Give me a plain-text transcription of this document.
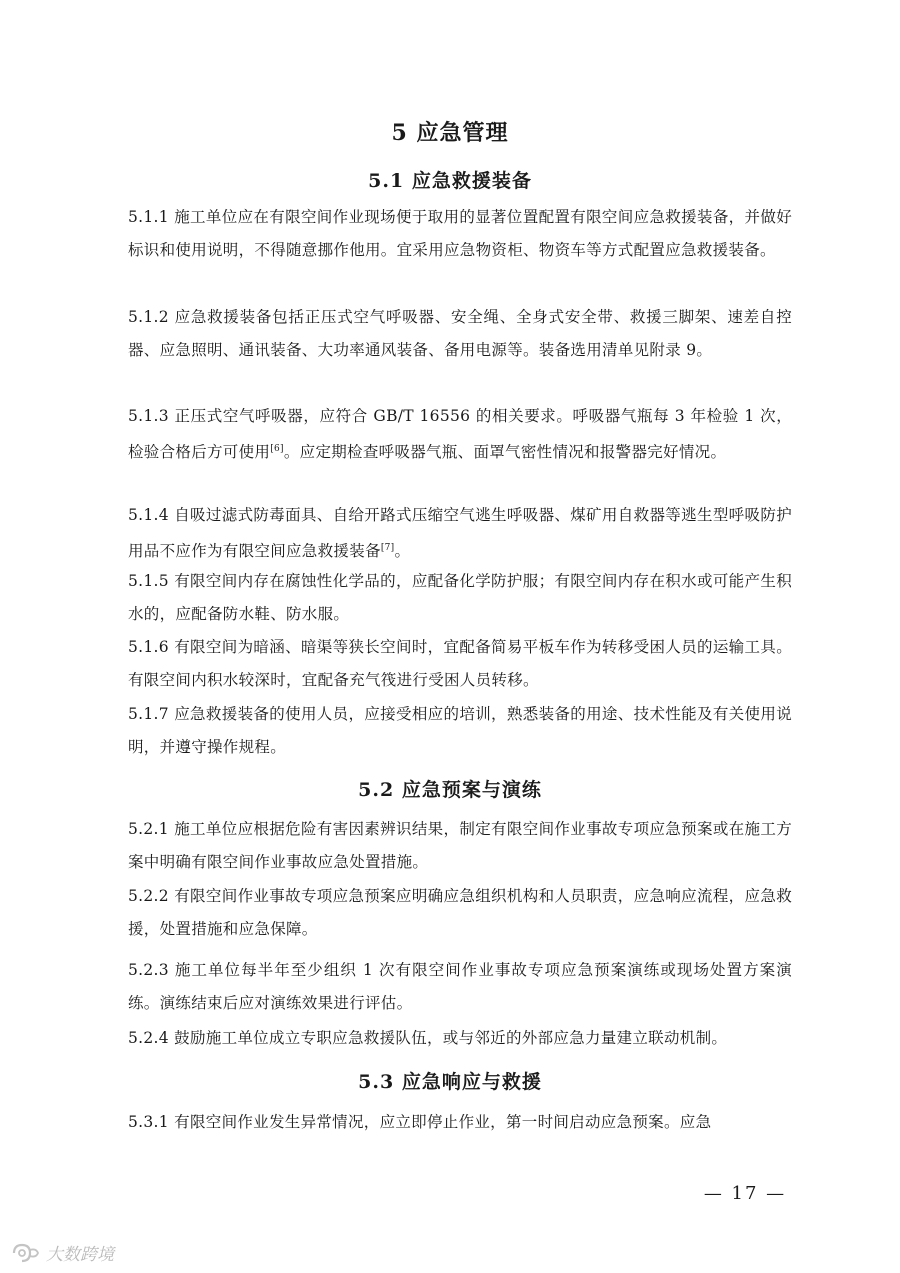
5 应急管理
5.1 应急救援装备
5.1.1 施工单位应在有限空间作业现场便于取用的显著位置配置有限空间应急救援装备，并做好标识和使用说明，不得随意挪作他用。宜采用应急物资柜、物资车等方式配置应急救援装备。
5.1.2 应急救援装备包括正压式空气呼吸器、安全绳、全身式安全带、救援三脚架、速差自控器、应急照明、通讯装备、大功率通风装备、备用电源等。装备选用清单见附录 9。
5.1.3 正压式空气呼吸器，应符合 GB/T 16556 的相关要求。呼吸器气瓶每 3 年检验 1 次，检验合格后方可使用[6]。应定期检查呼吸器气瓶、面罩气密性情况和报警器完好情况。
5.1.4 自吸过滤式防毒面具、自给开路式压缩空气逃生呼吸器、煤矿用自救器等逃生型呼吸防护用品不应作为有限空间应急救援装备[7]。
5.1.5 有限空间内存在腐蚀性化学品的，应配备化学防护服；有限空间内存在积水或可能产生积水的，应配备防水鞋、防水服。
5.1.6 有限空间为暗涵、暗渠等狭长空间时，宜配备简易平板车作为转移受困人员的运输工具。有限空间内积水较深时，宜配备充气筏进行受困人员转移。
5.1.7 应急救援装备的使用人员，应接受相应的培训，熟悉装备的用途、技术性能及有关使用说明，并遵守操作规程。
5.2 应急预案与演练
5.2.1 施工单位应根据危险有害因素辨识结果，制定有限空间作业事故专项应急预案或在施工方案中明确有限空间作业事故应急处置措施。
5.2.2 有限空间作业事故专项应急预案应明确应急组织机构和人员职责，应急响应流程，应急救援，处置措施和应急保障。
5.2.3 施工单位每半年至少组织 1 次有限空间作业事故专项应急预案演练或现场处置方案演练。演练结束后应对演练效果进行评估。
5.2.4 鼓励施工单位成立专职应急救援队伍，或与邻近的外部应急力量建立联动机制。
5.3 应急响应与救援
5.3.1 有限空间作业发生异常情况，应立即停止作业，第一时间启动应急预案。应急
— 17 —
大数跨境
